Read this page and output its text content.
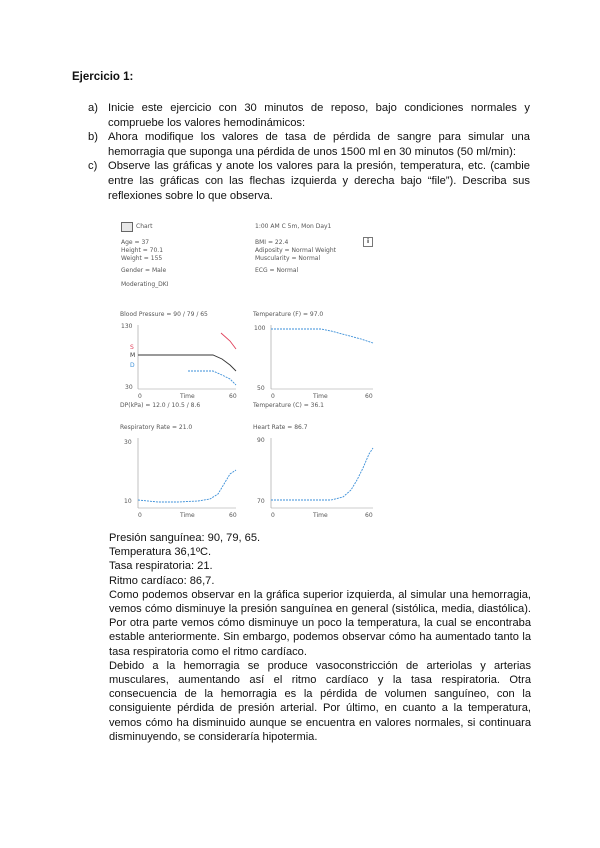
Ejercicio 1:
a) Inicie este ejercicio con 30 minutos de reposo, bajo condiciones normales y compruebe los valores hemodinámicos:
b) Ahora modifique los valores de tasa de pérdida de sangre para simular una hemorragia que suponga una pérdida de unos 1500 ml en 30 minutos (50 ml/min):
c) Observe las gráficas y anote los valores para la presión, temperatura, etc. (cambie entre las gráficas con las flechas izquierda y derecha bajo “file”). Describa sus reflexiones sobre lo que observa.
Chart	1:00 AM C 5m, Mon Day1
i
Age = 37
Height = 70.1
Weight = 155
Gender = Male
Moderating_DKI
BMI = 22.4
Adiposity = Normal Weight
Muscularity = Normal
ECG = Normal
Blood Pressure = 90 / 79 / 65
130
30
S
M
D
0	Time	60
DP(kPa) = 12.0 / 10.5 / 8.6
Temperature (F) = 97.0
100
50
0	Time	60
Temperature (C) = 36.1
Respiratory Rate = 21.0
30
10
0	Time	60
Heart Rate = 86.7
90
70
0	Time	60

Presión sanguínea: 90, 79, 65.

Temperatura 36,1ºC.

Tasa respiratoria: 21.

Ritmo cardíaco: 86,7.

Como podemos observar en la gráfica superior izquierda, al simular una hemorragia, vemos cómo disminuye la presión sanguínea en general (sistólica, media, diastólica). Por otra parte vemos cómo disminuye un poco la temperatura, la cual se encontraba estable anteriormente. Sin embargo, podemos observar cómo ha aumentado tanto la tasa respiratoria como el ritmo cardíaco.

Debido a la hemorragia se produce vasoconstricción de arteriolas y arterias musculares, aumentando así el ritmo cardíaco y la tasa respiratoria. Otra consecuencia de la hemorragia es la pérdida de volumen sanguíneo, con la consiguiente pérdida de presión arterial. Por último, en cuanto a la temperatura, vemos cómo ha disminuido aunque se encuentra en valores normales, si continuara disminuyendo, se consideraría hipotermia.
